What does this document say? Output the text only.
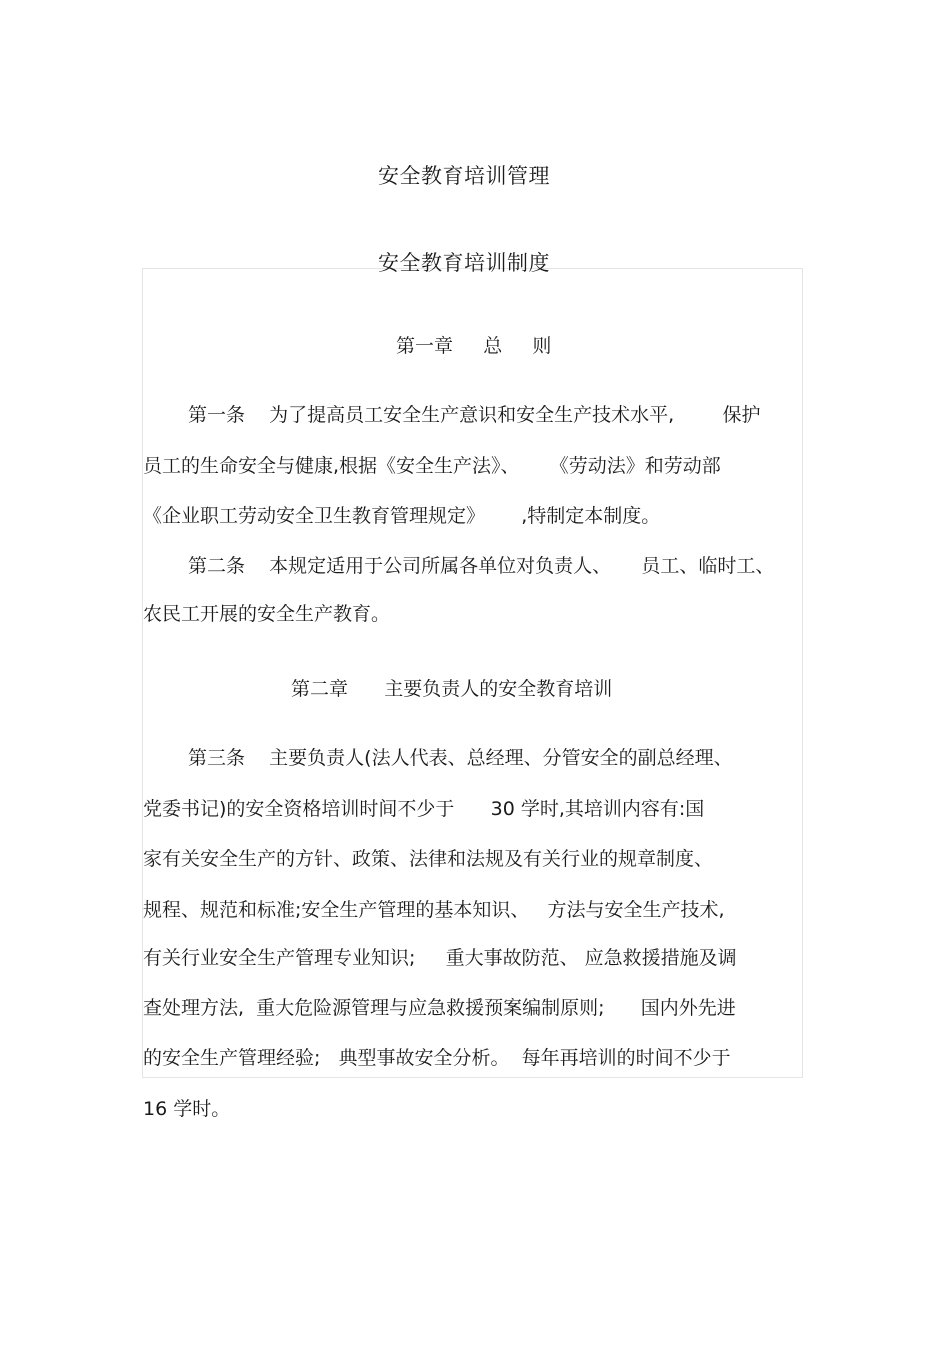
安全教育培训管理
安全教育培训制度
第一章     总     则
第一条    为了提高员工安全生产意识和安全生产技术水平,        保护
员工的生命安全与健康,根据《安全生产法》、     《劳动法》和劳动部
《企业职工劳动安全卫生教育管理规定》      ,特制定本制度。
第二条    本规定适用于公司所属各单位对负责人、     员工、临时工、
农民工开展的安全生产教育。
第二章      主要负责人的安全教育培训
第三条    主要负责人(法人代表、总经理、分管安全的副总经理、
党委书记)的安全资格培训时间不少于      30 学时,其培训内容有:国
家有关安全生产的方针、政策、法律和法规及有关行业的规章制度、
规程、规范和标准;安全生产管理的基本知识、   方法与安全生产技术,
有关行业安全生产管理专业知识;     重大事故防范、 应急救援措施及调
查处理方法,  重大危险源管理与应急救援预案编制原则;      国内外先进
的安全生产管理经验;   典型事故安全分析。  每年再培训的时间不少于
16 学时。
